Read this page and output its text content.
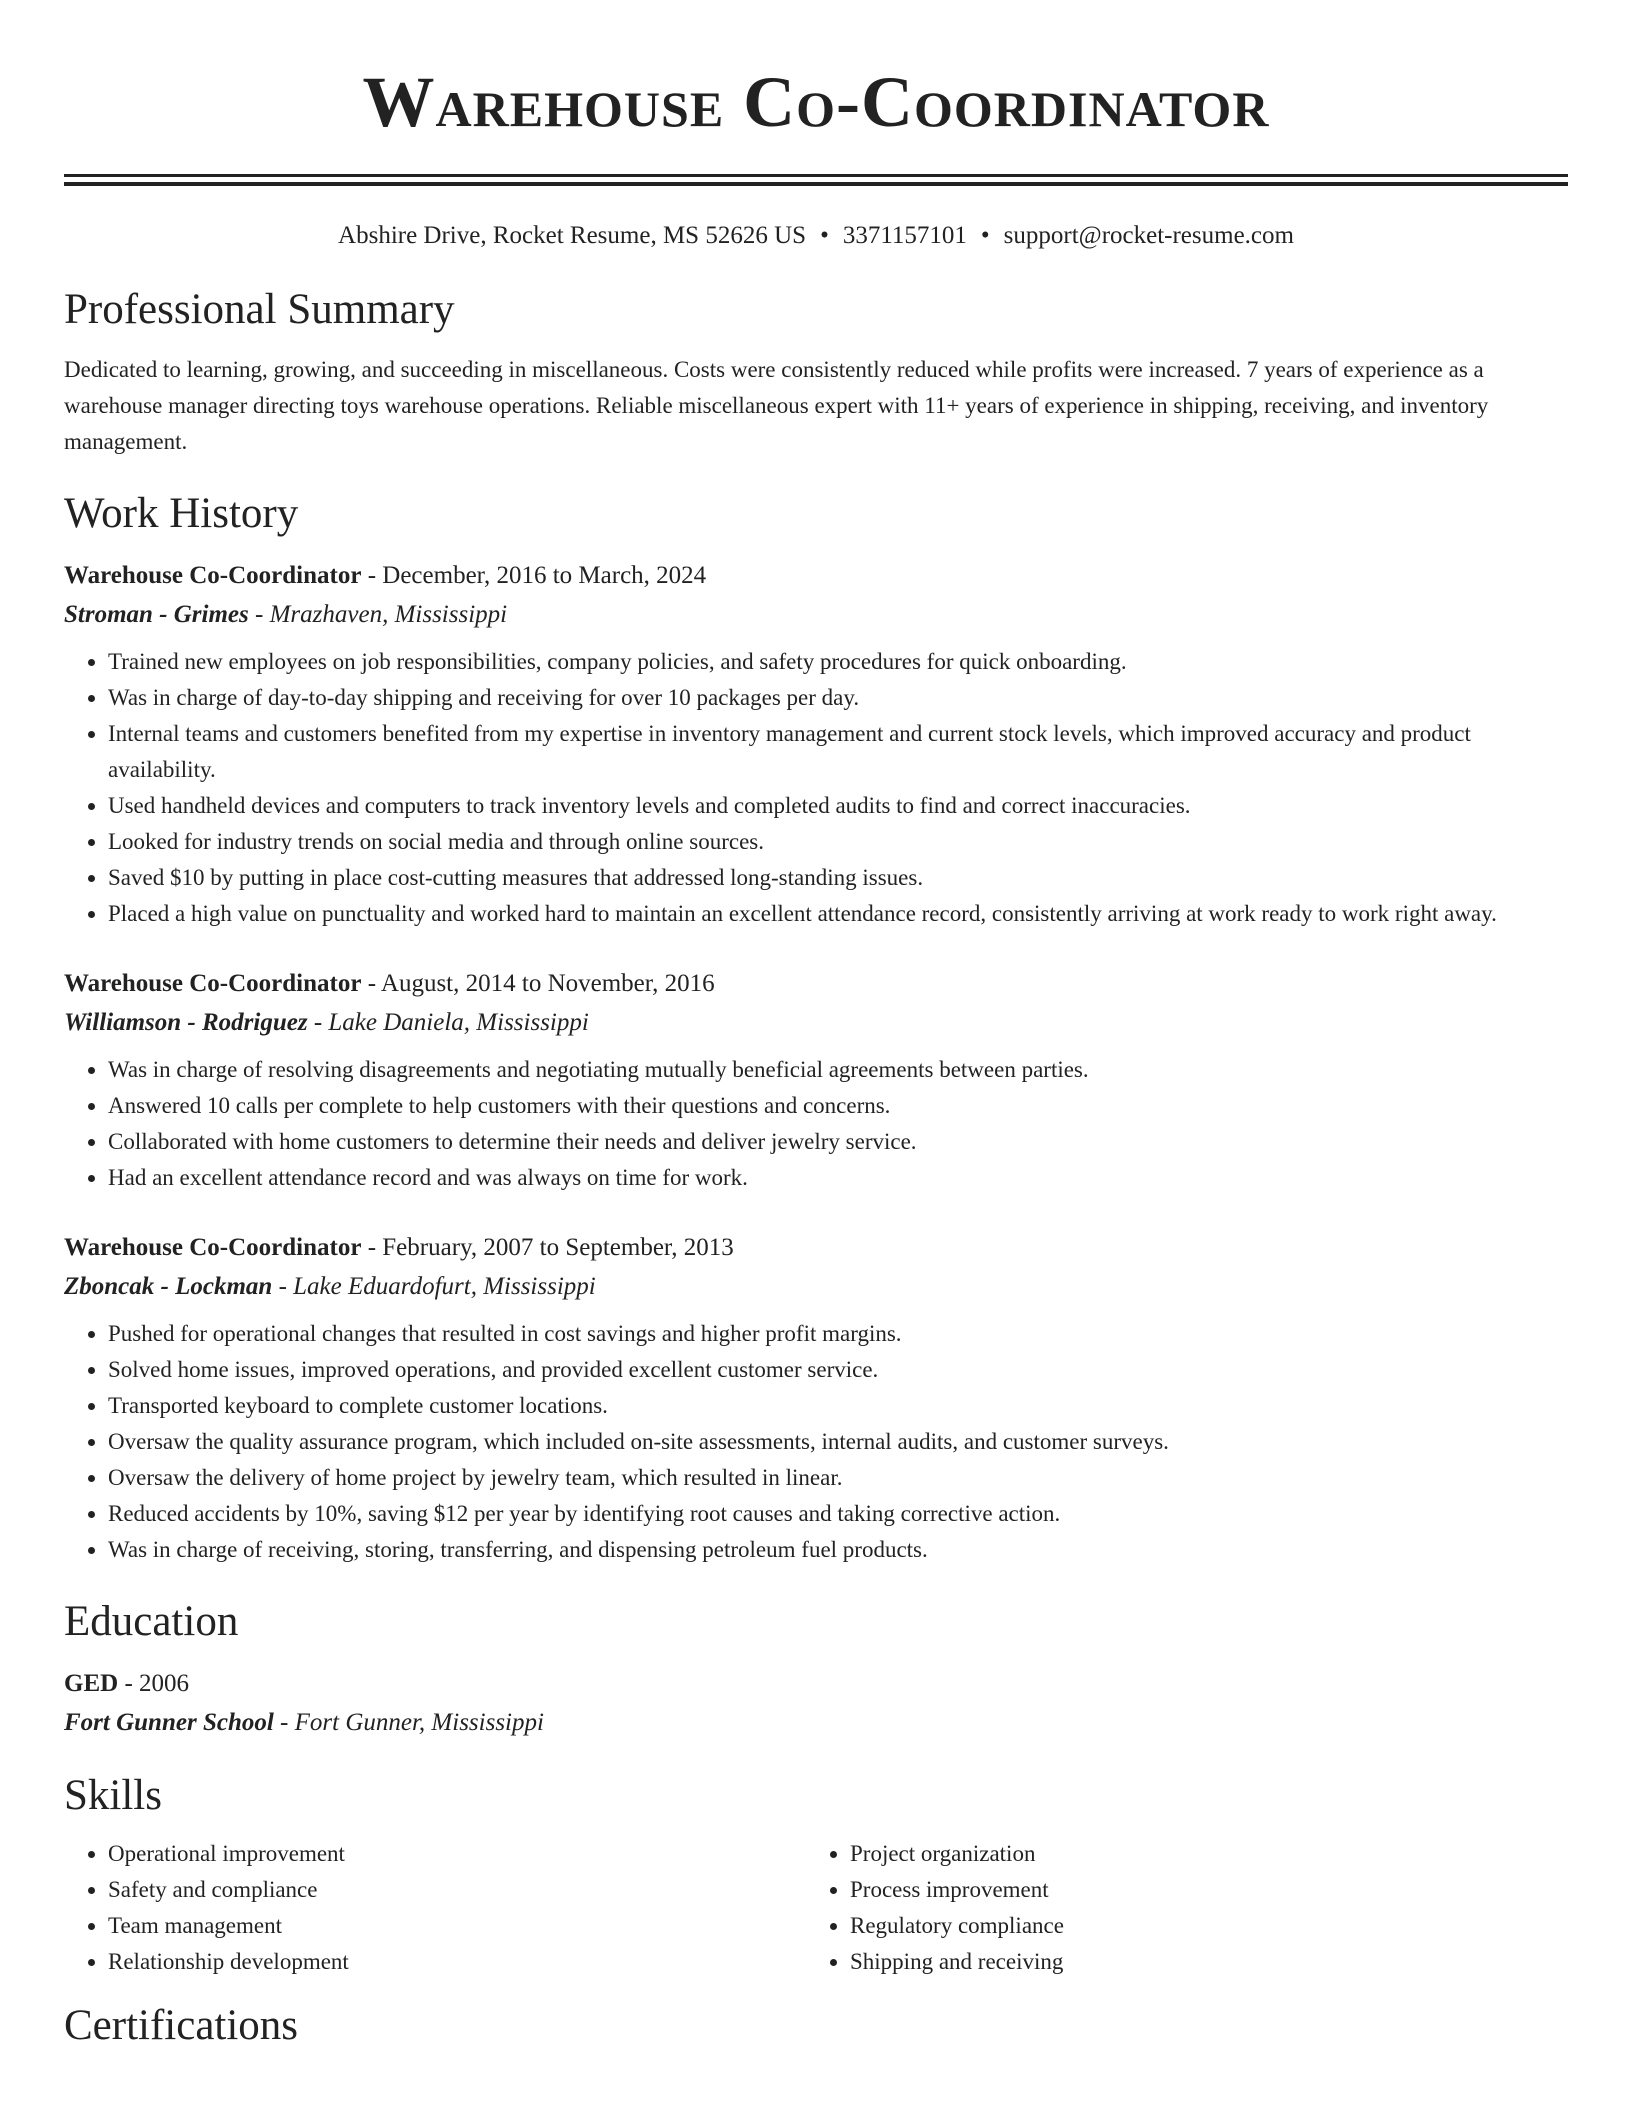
Warehouse Co-Coordinator
Abshire Drive, Rocket Resume, MS 52626 US • 3371157101 • support@rocket-resume.com
Professional Summary

Dedicated to learning, growing, and succeeding in miscellaneous. Costs were consistently reduced while profits were increased. 7 years of experience as a warehouse manager directing toys warehouse operations. Reliable miscellaneous expert with 11+ years of experience in shipping, receiving, and inventory management.

Work History
Warehouse Co-Coordinator - December, 2016 to March, 2024
Stroman - Grimes - Mrazhaven, Mississippi
• Trained new employees on job responsibilities, company policies, and safety procedures for quick onboarding.
• Was in charge of day-to-day shipping and receiving for over 10 packages per day.
• Internal teams and customers benefited from my expertise in inventory management and current stock levels, which improved accuracy and product availability.
• Used handheld devices and computers to track inventory levels and completed audits to find and correct inaccuracies.
• Looked for industry trends on social media and through online sources.
• Saved $10 by putting in place cost-cutting measures that addressed long-standing issues.
• Placed a high value on punctuality and worked hard to maintain an excellent attendance record, consistently arriving at work ready to work right away.
Warehouse Co-Coordinator - August, 2014 to November, 2016
Williamson - Rodriguez - Lake Daniela, Mississippi
• Was in charge of resolving disagreements and negotiating mutually beneficial agreements between parties.
• Answered 10 calls per complete to help customers with their questions and concerns.
• Collaborated with home customers to determine their needs and deliver jewelry service.
• Had an excellent attendance record and was always on time for work.
Warehouse Co-Coordinator - February, 2007 to September, 2013
Zboncak - Lockman - Lake Eduardofurt, Mississippi
• Pushed for operational changes that resulted in cost savings and higher profit margins.
• Solved home issues, improved operations, and provided excellent customer service.
• Transported keyboard to complete customer locations.
• Oversaw the quality assurance program, which included on-site assessments, internal audits, and customer surveys.
• Oversaw the delivery of home project by jewelry team, which resulted in linear.
• Reduced accidents by 10%, saving $12 per year by identifying root causes and taking corrective action.
• Was in charge of receiving, storing, transferring, and dispensing petroleum fuel products.
Education
GED - 2006
Fort Gunner School - Fort Gunner, Mississippi
Skills
• Operational improvement
• Safety and compliance
• Team management
• Relationship development
• Project organization
• Process improvement
• Regulatory compliance
• Shipping and receiving
Certifications
